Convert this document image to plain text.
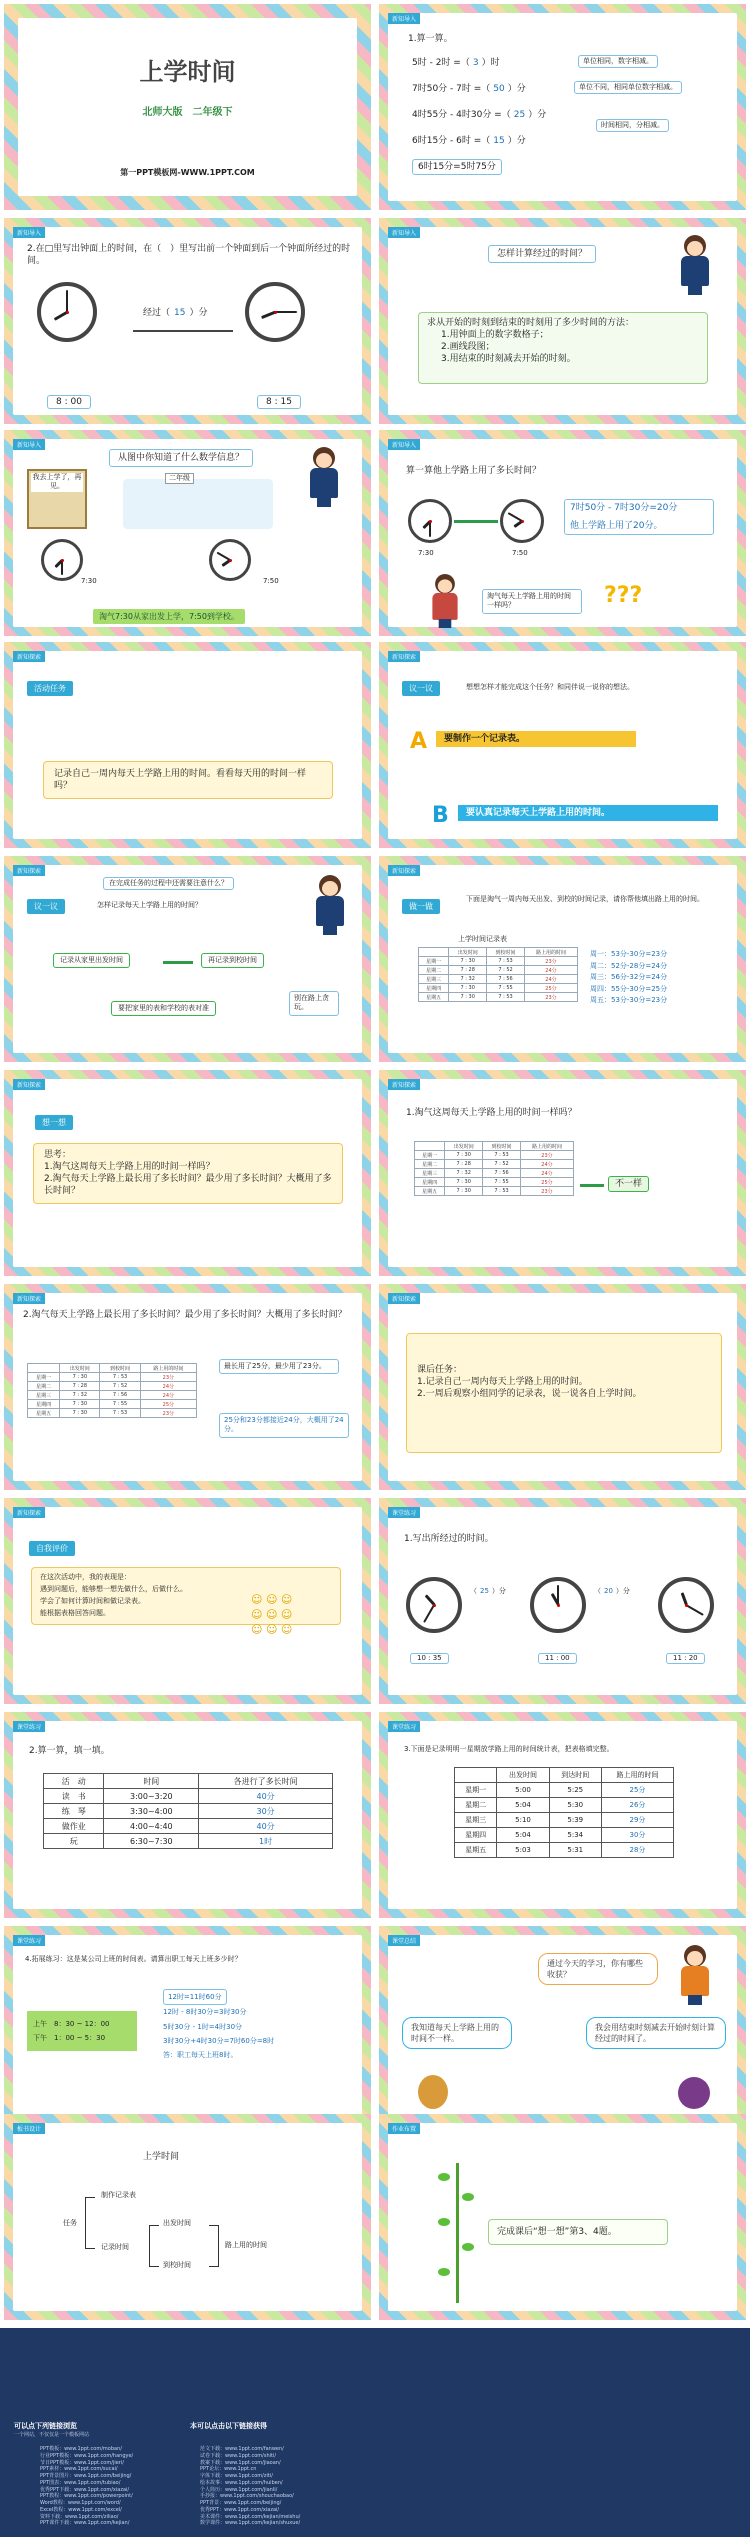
上学时间
北师大版　二年级下
第一PPT模板网-WWW.1PPT.COM
新知导入
1.算一算。
5时 - 2时 =（ 3 ）时	单位相同，数字相减。
7时50分 - 7时 =（ 50 ）分	单位不同，相同单位数字相减。
4时55分 - 4时30分 =（ 25 ）分
时间相同，分相减。
6时15分 - 6时 =（ 15 ）分
6时15分=5时75分
新知导入
2.在□里写出钟面上的时间，在（　）里写出前一个钟面到后一个钟面所经过的时间。
经过（ 15 ）分
8 : 00	8 : 15
新知导入
怎样计算经过的时间？
求从开始的时刻到结束的时刻用了多少时间的方法：
1.用钟面上的数字数格子；
2.画线段图；
3.用结束的时刻减去开始的时刻。
新知导入
从图中你知道了什么数学信息？
我去上学了，再见。
二年级
7:30	7:50
淘气7:30从家出发上学，7:50到学校。
新知导入
算一算他上学路上用了多长时间？
7:30	7:50
7时50分 - 7时30分=20分
他上学路上用了20分。
淘气每天上学路上用的时间一样吗？	???
新知探索
活动任务
记录自己一周内每天上学路上用的时间。看看每天用的时间一样吗？
新知探索
议一议	想想怎样才能完成这个任务？和同伴说一说你的想法。
A	要制作一个记录表。
B	要认真记录每天上学路上用的时间。
新知探索
在完成任务的过程中还需要注意什么？
议一议	怎样记录每天上学路上用的时间？
记录从家里出发时间	再记录到校时间
要把家里的表和学校的表对准
别在路上贪玩。
新知探索
做一做
下面是淘气一周内每天出发、到校的时间记录，请你帮他填出路上用的时间。
上学时间记录表
	出发时间	到校时间	路上用的时间
星期一	7 : 30	7 : 53	23分
星期二	7 : 28	7 : 52	24分
星期三	7 : 32	7 : 56	24分
星期四	7 : 30	7 : 55	25分
星期五	7 : 30	7 : 53	23分
周一：53分-30分=23分
周二：52分-28分=24分
周三：56分-32分=24分
周四：55分-30分=25分
周五：53分-30分=23分
新知探索
想一想
思考：
1.淘气这周每天上学路上用的时间一样吗？
2.淘气每天上学路上最长用了多长时间？最少用了多长时间？大概用了多长时间？
新知探索
1.淘气这周每天上学路上用的时间一样吗？
	出发时间	到校时间	路上用的时间
星期一	7 : 30	7 : 53	23分
星期二	7 : 28	7 : 52	24分
星期三	7 : 32	7 : 56	24分
星期四	7 : 30	7 : 55	25分
星期五	7 : 30	7 : 53	23分
不一样
新知探索
2.淘气每天上学路上最长用了多长时间？最少用了多长时间？大概用了多长时间？
	出发时间	到校时间	路上用的时间
星期一	7 : 30	7 : 53	23分
星期二	7 : 28	7 : 52	24分
星期三	7 : 32	7 : 56	24分
星期四	7 : 30	7 : 55	25分
星期五	7 : 30	7 : 53	23分
最长用了25分，最少用了23分。
25分和23分都接近24分，大概用了24分。
新知探索
课后任务：
1.记录自己一周内每天上学路上用的时间。
2.一周后观察小组同学的记录表，说一说各自上学时间。
新知探索
自我评价
在这次活动中，我的表现是：
遇到问题后，能够想一想先做什么，后做什么。
学会了如何计算时间和做记录表。
能根据表格回答问题。
☺ ☺ ☺
☺ ☺ ☺
☺ ☺ ☺
课堂练习
1.写出所经过的时间。
（ 25 ）分	（ 20 ）分
10 : 35	11 : 00	11 : 20
课堂练习
2.算一算，填一填。
活　动	时间	各进行了多长时间
读　书	3:00~3:20	40分
练　琴	3:30~4:00	30分
做作业	4:00~4:40	40分
玩	6:30~7:30	1时
课堂练习
3.下面是记录明明一星期放学路上用的时间统计表，把表格填完整。
	出发时间	到达时间	路上用的时间
星期一	5:00	5:25	25分
星期二	5:04	5:30	26分
星期三	5:10	5:39	29分
星期四	5:04	5:34	30分
星期五	5:03	5:31	28分
课堂练习
4.拓展练习：这是某公司上班的时间表。请算出职工每天上班多少时？
上午　8：30 ~ 12：00
下午　1：00 ~ 5：30
12时=11时60分
12时 - 8时30分=3时30分
5时30分 - 1时=4时30分
3时30分+4时30分=7时60分=8时
答：职工每天上班8时。
课堂总结
通过今天的学习，你有哪些收获？
我知道每天上学路上用的时间不一样。
我会用结束时刻减去开始时刻计算经过的时间了。
板书设计
上学时间
任务
制作记录表
记录时间
出发时间
到校时间
路上用的时间
作业布置
完成课后“想一想”第3、4题。
可以点下列链接浏览
一个网站，不仅仅是一个模板网站
本可以点击以下链接获得
PPT模板：www.1ppt.com/moban/
行业PPT模板：www.1ppt.com/hangye/
节日PPT模板：www.1ppt.com/jieri/
PPT素材：www.1ppt.com/sucai/
PPT背景图片：www.1ppt.com/beijing/
PPT图表：www.1ppt.com/tubiao/
优秀PPT下载：www.1ppt.com/xiazai/
PPT教程：www.1ppt.com/powerpoint/
Word教程：www.1ppt.com/word/
Excel教程：www.1ppt.com/excel/
资料下载：www.1ppt.com/ziliao/
PPT课件下载：www.1ppt.com/kejian/
范文下载：www.1ppt.com/fanwen/
试卷下载：www.1ppt.com/shiti/
教案下载：www.1ppt.com/jiaoan/
PPT论坛：www.1ppt.cn
字体下载：www.1ppt.com/ziti/
绘本故事：www.1ppt.com/huiben/
个人简历：www.1ppt.com/jianli/
手抄报：www.1ppt.com/shouchaobao/
PPT背景：www.1ppt.com/beijing/
优秀PPT：www.1ppt.com/xiazai/
美术课件：www.1ppt.com/kejian/meishu/
数学课件：www.1ppt.com/kejian/shuxue/
